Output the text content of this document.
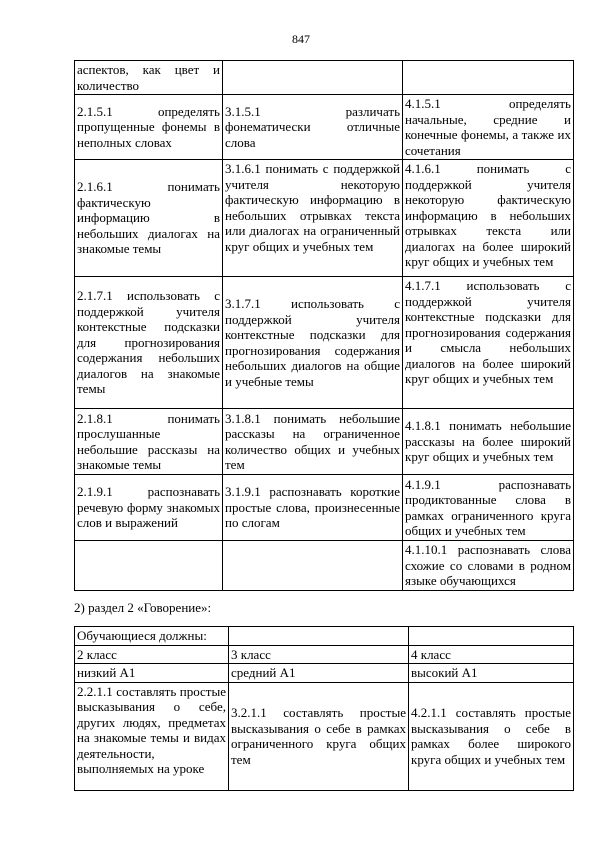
847
аспектов, как цвет и количество		
2.1.5.1 определять пропущенные фонемы в неполных словах	3.1.5.1 различать фонематически отличные слова	4.1.5.1 определять начальные, средние и конечные фонемы, а также их сочетания
2.1.6.1 понимать фактическую информацию в небольших диалогах на знакомые темы	3.1.6.1 понимать с поддержкой учителя некоторую фактическую информацию в небольших отрывках текста или диалогах на ограниченный круг общих и учебных тем	4.1.6.1 понимать с поддержкой учителя некоторую фактическую информацию в небольших отрывках текста или диалогах на более широкий круг общих и учебных тем
2.1.7.1 использовать с поддержкой учителя контекстные подсказки для прогнозирования содержания небольших диалогов на знакомые темы	3.1.7.1 использовать с поддержкой учителя контекстные подсказки для прогнозирования содержания небольших диалогов на общие и учебные темы	4.1.7.1 использовать с поддержкой учителя контекстные подсказки для прогнозирования содержания и смысла небольших диалогов на более широкий круг общих и учебных тем
2.1.8.1 понимать прослушанные небольшие рассказы на знакомые темы	3.1.8.1 понимать небольшие рассказы на ограниченное количество общих и учебных тем	4.1.8.1 понимать небольшие рассказы на более широкий круг общих и учебных тем
2.1.9.1 распознавать речевую форму знакомых слов и выражений	3.1.9.1 распознавать короткие простые слова, произнесенные по слогам	4.1.9.1 распознавать продиктованные слова в рамках ограниченного круга общих и учебных тем
		4.1.10.1 распознавать слова схожие со словами в родном языке обучающихся
2) раздел 2 «Говорение»:
Обучающиеся должны:		
2 класс	3 класс	4 класс
низкий А1	средний А1	высокий А1
2.2.1.1 составлять простые высказывания о себе, других людях, предметах на знакомые темы и видах деятельности, выполняемых на уроке	3.2.1.1 составлять простые высказывания о себе в рамках ограниченного круга общих тем	4.2.1.1 составлять простые высказывания о себе в рамках более широкого круга общих и учебных тем
